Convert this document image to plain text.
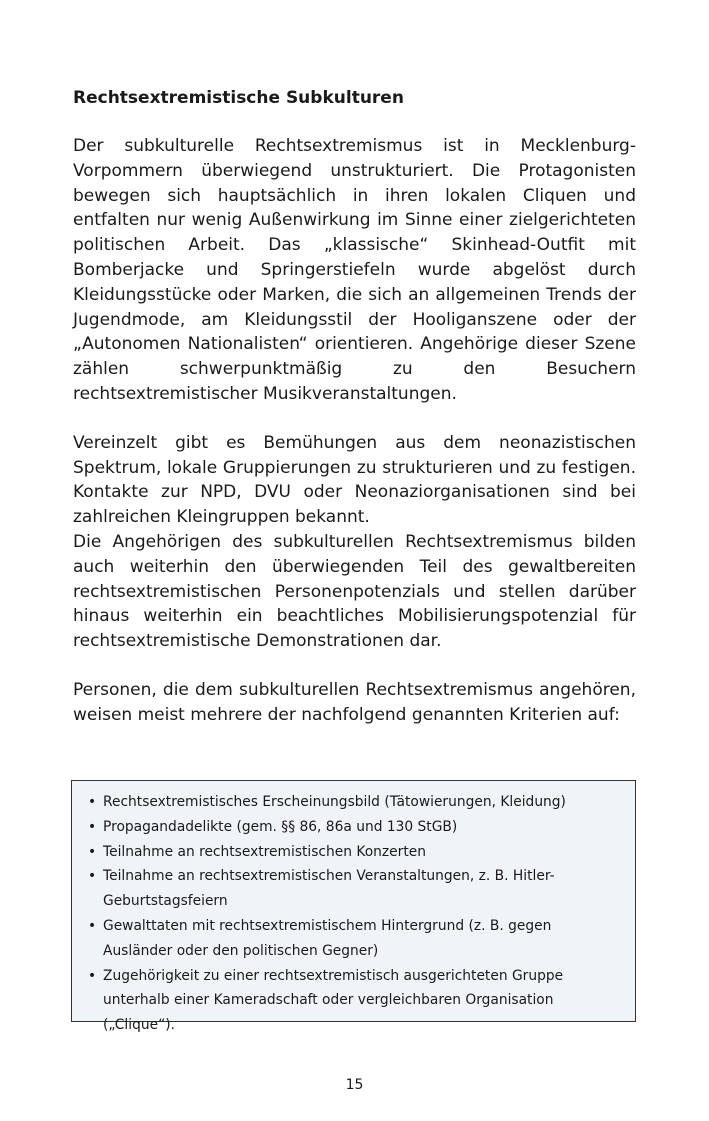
Rechtsextremistische Subkulturen

Der subkulturelle Rechtsextremismus ist in Mecklenburg-Vorpommern überwiegend unstrukturiert. Die Protagonisten bewegen sich hauptsächlich in ihren lokalen Cliquen und entfalten nur wenig Außenwirkung im Sinne einer zielgerichteten politischen Arbeit. Das „klassische“ Skinhead-Outfit mit Bomberjacke und Springerstiefeln wurde abgelöst durch Kleidungsstücke oder Marken, die sich an allgemeinen Trends der Jugendmode, am Kleidungsstil der Hooliganszene oder der „Autonomen Nationalisten“ orientieren. Angehörige dieser Szene zählen schwerpunktmäßig zu den Besuchern rechtsextremistischer Musikveranstaltungen.

Vereinzelt gibt es Bemühungen aus dem neonazistischen Spektrum, lokale Gruppierungen zu strukturieren und zu festigen. Kontakte zur NPD, DVU oder Neonaziorganisationen sind bei zahlreichen Kleingruppen bekannt.

Die Angehörigen des subkulturellen Rechtsextremismus bilden auch weiterhin den überwiegenden Teil des gewaltbereiten rechtsextremistischen Personenpotenzials und stellen darüber hinaus weiterhin ein beachtliches Mobilisierungspotenzial für rechtsextremistische Demonstrationen dar.

Personen, die dem subkulturellen Rechtsextremismus angehören, weisen meist mehrere der nachfolgend genannten Kriterien auf:

• Rechtsextremistisches Erscheinungsbild (Tätowierungen, Kleidung)
• Propagandadelikte (gem. §§ 86, 86a und 130 StGB)
• Teilnahme an rechtsextremistischen Konzerten
• Teilnahme an rechtsextremistischen Veranstaltungen, z. B. Hitler-Geburtstagsfeiern
• Gewalttaten mit rechtsextremistischem Hintergrund (z. B. gegen Ausländer oder den politischen Gegner)
• Zugehörigkeit zu einer rechtsextremistisch ausgerichteten Gruppe unterhalb einer Kameradschaft oder vergleichbaren Organisation („Clique“).
15
